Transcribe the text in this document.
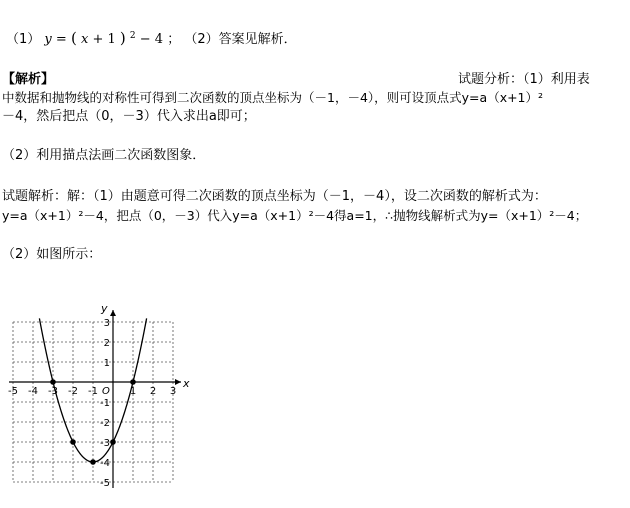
（1） y = ( x + 1 ) $^2$ − 4 ； （2）答案见解析．
【解析】	试题分析：（1）利用表
中数据和抛物线的对称性可得到二次函数的顶点坐标为（－1，－4），则可设顶点式y=a（x+1）²
－4，然后把点（0，－3）代入求出a即可；
（2）利用描点法画二次函数图象．
试题解析：解：（1）由题意可得二次函数的顶点坐标为（－1，－4），设二次函数的解析式为：
y=a（x+1）²－4，把点（0，－3）代入y=a（x+1）²－4得a=1，∴抛物线解析式为y=（x+1）²－4；
（2）如图所示：
x
y
O
-5 -4 -3 -2 -1	1 2 3
3
2
1
-1
-2
-3
-4
-5
